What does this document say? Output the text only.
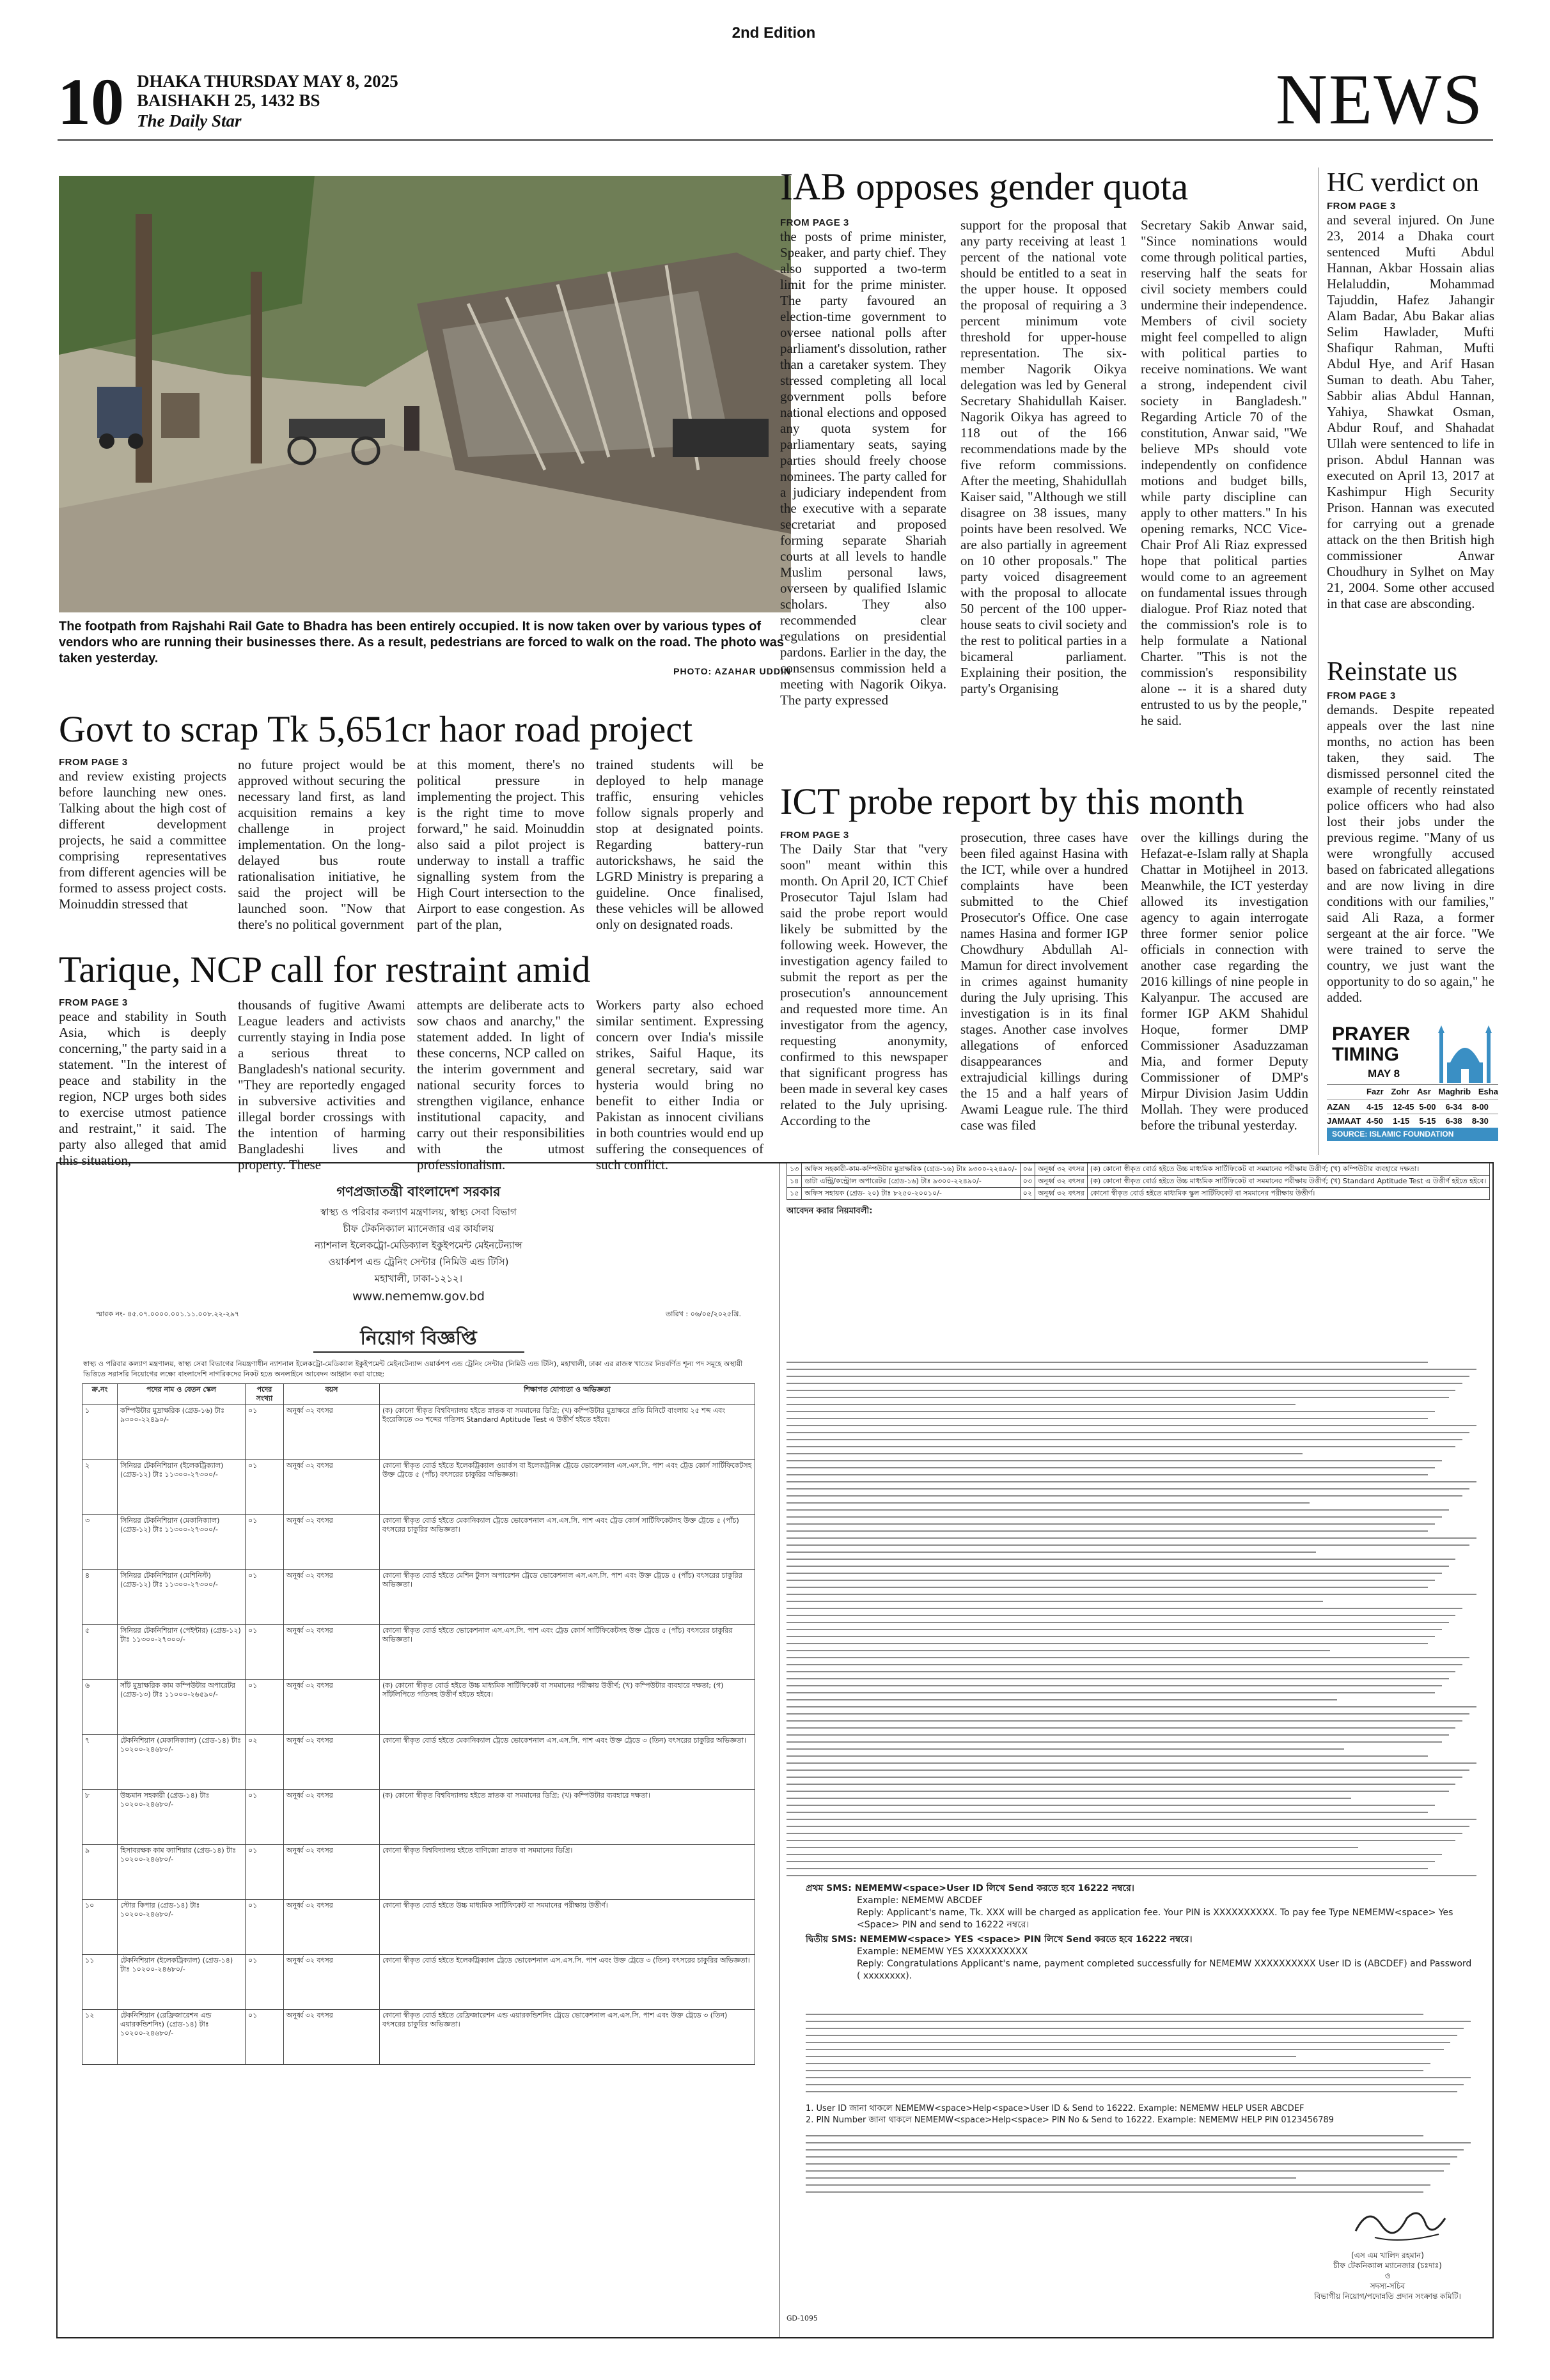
2nd Edition
10 DHAKA THURSDAY MAY 8, 2025
BAISHAKH 25, 1432 BS
The Daily Star	NEWS
The footpath from Rajshahi Rail Gate to Bhadra has been entirely occupied. It is now taken over by various types of vendors who are running their businesses there. As a result, pedestrians are forced to walk on the road. The photo was taken yesterday.
PHOTO: AZAHAR UDDIN
IAB opposes gender quota
FROM PAGE 3

the posts of prime minister, Speaker, and party chief. They also supported a two-term limit for the prime minister. The party favoured an election-time government to oversee national polls after parliament's dissolution, rather than a caretaker system. They stressed completing all local government polls before national elections and opposed any quota system for parliamentary seats, saying parties should freely choose nominees. The party called for a judiciary independent from the executive with a separate secretariat and proposed forming separate Shariah courts at all levels to handle Muslim personal laws, overseen by qualified Islamic scholars. They also recommended clear regulations on presidential pardons. Earlier in the day, the consensus commission held a meeting with Nagorik Oikya. The party expressed

support for the proposal that any party receiving at least 1 percent of the national vote should be entitled to a seat in the upper house. It opposed the proposal of requiring a 3 percent minimum vote threshold for upper-house representation. The six-member Nagorik Oikya delegation was led by General Secretary Shahidullah Kaiser. Nagorik Oikya has agreed to 118 out of the 166 recommendations made by the five reform commissions. After the meeting, Shahidullah Kaiser said, "Although we still disagree on 38 issues, many points have been resolved. We are also partially in agreement on 10 other proposals." The party voiced disagreement with the proposal to allocate 50 percent of the 100 upper-house seats to civil society and the rest to political parties in a bicameral parliament. Explaining their position, the party's Organising

Secretary Sakib Anwar said, "Since nominations would come through political parties, reserving half the seats for civil society members could undermine their independence. Members of civil society might feel compelled to align with political parties to receive nominations. We want a strong, independent civil society in Bangladesh." Regarding Article 70 of the constitution, Anwar said, "We believe MPs should vote independently on confidence motions and budget bills, while party discipline can apply to other matters." In his opening remarks, NCC Vice-Chair Prof Ali Riaz expressed hope that political parties would come to an agreement on fundamental issues through dialogue. Prof Riaz noted that the commission's role is to help formulate a National Charter. "This is not the commission's responsibility alone -- it is a shared duty entrusted to us by the people," he said.

HC verdict on
FROM PAGE 3

and several injured. On June 23, 2014 a Dhaka court sentenced Mufti Abdul Hannan, Akbar Hossain alias Helaluddin, Mohammad Tajuddin, Hafez Jahangir Alam Badar, Abu Bakar alias Selim Hawlader, Mufti Shafiqur Rahman, Mufti Abdul Hye, and Arif Hasan Suman to death. Abu Taher, Sabbir alias Abdul Hannan, Yahiya, Shawkat Osman, Abdur Rouf, and Shahadat Ullah were sentenced to life in prison. Abdul Hannan was executed on April 13, 2017 at Kashimpur High Security Prison. Hannan was executed for carrying out a grenade attack on the then British high commissioner Anwar Choudhury in Sylhet on May 21, 2004. Some other accused in that case are absconding.

Reinstate us
FROM PAGE 3

demands. Despite repeated appeals over the last nine months, no action has been taken, they said. The dismissed personnel cited the example of recently reinstated police officers who had also lost their jobs under the previous regime. "Many of us were wrongfully accused based on fabricated allegations and are now living in dire conditions with our families," said Ali Raza, a former sergeant at the air force. "We were trained to serve the country, we just want the opportunity to do so again," he added.

PRAYER
TIMING
MAY 8
Fazr Zohr Asr Maghrib Esha
AZAN	4-15	12-45 5-00	6-34	8-00
JAMAAT 4-50	1-15	5-15	6-38	8-30
SOURCE: ISLAMIC FOUNDATION
Govt to scrap Tk 5,651cr haor road project
FROM PAGE 3

and review existing projects before launching new ones. Talking about the high cost of different development projects, he said a committee comprising representatives from different agencies will be formed to assess project costs. Moinuddin stressed that

no future project would be approved without securing the necessary land first, as land acquisition remains a key challenge in project implementation. On the long-delayed bus route rationalisation initiative, he said the project will be launched soon. "Now that there's no political government

at this moment, there's no political pressure in implementing the project. This is the right time to move forward," he said. Moinuddin also said a pilot project is underway to install a traffic signalling system from the High Court intersection to the Airport to ease congestion. As part of the plan,

trained students will be deployed to help manage traffic, ensuring vehicles follow signals properly and stop at designated points. Regarding battery-run autorickshaws, he said the LGRD Ministry is preparing a guideline. Once finalised, these vehicles will be allowed only on designated roads.

ICT probe report by this month
FROM PAGE 3

The Daily Star that "very soon" meant within this month. On April 20, ICT Chief Prosecutor Tajul Islam had said the probe report would likely be submitted by the following week. However, the investigation agency failed to submit the report as per the prosecution's announcement and requested more time. An investigator from the agency, requesting anonymity, confirmed to this newspaper that significant progress has been made in several key cases related to the July uprising. According to the

prosecution, three cases have been filed against Hasina with the ICT, while over a hundred complaints have been submitted to the Chief Prosecutor's Office. One case names Hasina and former IGP Chowdhury Abdullah Al-Mamun for direct involvement in crimes against humanity during the July uprising. This investigation is in its final stages. Another case involves allegations of enforced disappearances and extrajudicial killings during the 15 and a half years of Awami League rule. The third case was filed

over the killings during the Hefazat-e-Islam rally at Shapla Chattar in Motijheel in 2013. Meanwhile, the ICT yesterday allowed its investigation agency to again interrogate three former senior police officials in connection with another case regarding the 2016 killings of nine people in Kalyanpur. The accused are former IGP AKM Shahidul Hoque, former DMP Commissioner Asaduzzaman Mia, and former Deputy Commissioner of DMP's Mirpur Division Jasim Uddin Mollah. They were produced before the tribunal yesterday.

Tarique, NCP call for restraint amid
FROM PAGE 3

peace and stability in South Asia, which is deeply concerning," the party said in a statement. "In the interest of peace and stability in the region, NCP urges both sides to exercise utmost patience and restraint," it said. The party also alleged that amid this situation,

thousands of fugitive Awami League leaders and activists currently staying in India pose a serious threat to Bangladesh's national security. "They are reportedly engaged in subversive activities and illegal border crossings with the intention of harming Bangladeshi lives and property. These

attempts are deliberate acts to sow chaos and anarchy," the statement added. In light of these concerns, NCP called on the interim government and national security forces to strengthen vigilance, enhance institutional capacity, and carry out their responsibilities with the utmost professionalism.

Workers party also echoed similar sentiment. Expressing concern over India's missile strikes, Saiful Haque, its general secretary, said war hysteria would bring no benefit to either India or Pakistan as innocent civilians in both countries would end up suffering the consequences of such conflict.

গণপ্রজাতন্ত্রী বাংলাদেশ সরকার
স্বাস্থ্য ও পরিবার কল্যাণ মন্ত্রণালয়, স্বাস্থ্য সেবা বিভাগ
চীফ টেকনিক্যাল ম্যানেজার এর কার্যালয়
ন্যাশনাল ইলেকট্রো-মেডিক্যাল ইকুইপমেন্ট মেইনটেন্যান্স
ওয়ার্কশপ এন্ড ট্রেনিং সেন্টার (নিমিউ এন্ড টিসি)
মহাখালী, ঢাকা-১২১২।
www.nememw.gov.bd
স্মারক নং- ৪৫.০৭.০০০০.০০১.১১.০০৮.২২-২৯৭	তারিখ : ০৬/০৫/২০২৫খ্রি.
নিয়োগ বিজ্ঞপ্তি
স্বাস্থ্য ও পরিবার কল্যাণ মন্ত্রণালয়, স্বাস্থ্য সেবা বিভাগের নিয়ন্ত্রণাধীন ন্যাশনাল ইলেকট্রো-মেডিক্যাল ইকুইপমেন্ট মেইনটেন্যান্স ওয়ার্কশপ এন্ড ট্রেনিং সেন্টার (নিমিউ এন্ড টিসি), মহাখালী, ঢাকা এর রাজস্ব খাতের নিম্নবর্ণিত শূন্য পদ সমূহে অস্থায়ী ভিত্তিতে সরাসরি নিয়োগের লক্ষ্যে বাংলাদেশি নাগরিকদের নিকট হতে অনলাইনে আবেদন আহ্বান করা যাচ্ছে:
ক্র.নং	পদের নাম ও বেতন স্কেল	পদের সংখ্যা	বয়স	শিক্ষাগত যোগ্যতা ও অভিজ্ঞতা
১	কম্পিউটার মুদ্রাক্ষরিক (গ্রেড-১৬) টাঃ ৯৩০০-২২৪৯০/-	০১	অনূর্ধ্ব ৩২ বৎসর	(ক) কোনো স্বীকৃত বিশ্ববিদ্যালয় হইতে স্নাতক বা সমমানের ডিগ্রি; (খ) কম্পিউটার মুদ্রাক্ষরে প্রতি মিনিটে বাংলায় ২৫ শব্দ এবং ইংরেজিতে ৩০ শব্দের গতিসহ Standard Aptitude Test এ উত্তীর্ণ হইতে হইবে।
২	সিনিয়র টেকনিশিয়ান (ইলেকট্রিক্যাল) (গ্রেড-১২) টাঃ ১১৩০০-২৭৩০০/-	০১	অনূর্ধ্ব ৩২ বৎসর	কোনো স্বীকৃত বোর্ড হইতে ইলেকট্রিক্যাল ওয়ার্কস বা ইলেকট্রনিক্স ট্রেডে ভোকেশনাল এস.এস.সি. পাশ এবং ট্রেড কোর্স সার্টিফিকেটসহ উক্ত ট্রেডে ৫ (পাঁচ) বৎসরের চাকুরির অভিজ্ঞতা।
৩	সিনিয়র টেকনিশিয়ান (মেকানিক্যাল) (গ্রেড-১২) টাঃ ১১৩০০-২৭৩০০/-	০১	অনূর্ধ্ব ৩২ বৎসর	কোনো স্বীকৃত বোর্ড হইতে মেকানিক্যাল ট্রেডে ভোকেশনাল এস.এস.সি. পাশ এবং ট্রেড কোর্স সার্টিফিকেটসহ উক্ত ট্রেডে ৫ (পাঁচ) বৎসরের চাকুরির অভিজ্ঞতা।
৪	সিনিয়র টেকনিশিয়ান (মেশিনিস্ট) (গ্রেড-১২) টাঃ ১১৩০০-২৭৩০০/-	০১	অনূর্ধ্ব ৩২ বৎসর	কোনো স্বীকৃত বোর্ড হইতে মেশিন টুলস অপারেশন ট্রেডে ভোকেশনাল এস.এস.সি. পাশ এবং উক্ত ট্রেডে ৫ (পাঁচ) বৎসরের চাকুরির অভিজ্ঞতা।
৫	সিনিয়র টেকনিশিয়ান (পেইন্টার) (গ্রেড-১২) টাঃ ১১৩০০-২৭৩০০/-	০১	অনূর্ধ্ব ৩২ বৎসর	কোনো স্বীকৃত বোর্ড হইতে ভোকেশনাল এস.এস.সি. পাশ এবং ট্রেড কোর্স সার্টিফিকেটসহ উক্ত ট্রেডে ৫ (পাঁচ) বৎসরের চাকুরির অভিজ্ঞতা।
৬	সাঁট মুদ্রাক্ষরিক কাম কম্পিউটার অপারেটর (গ্রেড-১৩) টাঃ ১১০০০-২৬৫৯০/-	০১	অনূর্ধ্ব ৩২ বৎসর	(ক) কোনো স্বীকৃত বোর্ড হইতে উচ্চ মাধ্যমিক সার্টিফিকেট বা সমমানের পরীক্ষায় উত্তীর্ণ; (খ) কম্পিউটার ব্যবহারে দক্ষতা; (গ) সাঁটলিপিতে গতিসহ উত্তীর্ণ হইতে হইবে।
৭	টেকনিশিয়ান (মেকানিক্যাল) (গ্রেড-১৪) টাঃ ১০২০০-২৪৬৮০/-	০২	অনূর্ধ্ব ৩২ বৎসর	কোনো স্বীকৃত বোর্ড হইতে মেকানিক্যাল ট্রেডে ভোকেশনাল এস.এস.সি. পাশ এবং উক্ত ট্রেডে ৩ (তিন) বৎসরের চাকুরির অভিজ্ঞতা।
৮	উচ্চমান সহকারী (গ্রেড-১৪) টাঃ ১০২০০-২৪৬৮০/-	০১	অনূর্ধ্ব ৩২ বৎসর	(ক) কোনো স্বীকৃত বিশ্ববিদ্যালয় হইতে স্নাতক বা সমমানের ডিগ্রি; (খ) কম্পিউটার ব্যবহারে দক্ষতা।
৯	হিসাবরক্ষক কাম ক্যাশিয়ার (গ্রেড-১৪) টাঃ ১০২০০-২৪৬৮০/-	০১	অনূর্ধ্ব ৩২ বৎসর	কোনো স্বীকৃত বিশ্ববিদ্যালয় হইতে বাণিজ্যে স্নাতক বা সমমানের ডিগ্রি।
১০	স্টোর কিপার (গ্রেড-১৪) টাঃ ১০২০০-২৪৬৮০/-	০১	অনূর্ধ্ব ৩২ বৎসর	কোনো স্বীকৃত বোর্ড হইতে উচ্চ মাধ্যমিক সার্টিফিকেট বা সমমানের পরীক্ষায় উত্তীর্ণ।
১১	টেকনিশিয়ান (ইলেকট্রিক্যাল) (গ্রেড-১৪) টাঃ ১০২০০-২৪৬৮০/-	০১	অনূর্ধ্ব ৩২ বৎসর	কোনো স্বীকৃত বোর্ড হইতে ইলেকট্রিক্যাল ট্রেডে ভোকেশনাল এস.এস.সি. পাশ এবং উক্ত ট্রেডে ৩ (তিন) বৎসরের চাকুরির অভিজ্ঞতা।
১২	টেকনিশিয়ান (রেফ্রিজারেশন এন্ড এয়ারকন্ডিশনিং) (গ্রেড-১৪) টাঃ ১০২০০-২৪৬৮০/-	০১	অনূর্ধ্ব ৩২ বৎসর	কোনো স্বীকৃত বোর্ড হইতে রেফ্রিজারেশন এন্ড এয়ারকন্ডিশনিং ট্রেডে ভোকেশনাল এস.এস.সি. পাশ এবং উক্ত ট্রেডে ৩ (তিন) বৎসরের চাকুরির অভিজ্ঞতা।
১৩	অফিস সহকারী-কাম-কম্পিউটার মুদ্রাক্ষরিক (গ্রেড-১৬) টাঃ ৯৩০০-২২৪৯০/-	০৬	অনূর্ধ্ব ৩২ বৎসর	(ক) কোনো স্বীকৃত বোর্ড হইতে উচ্চ মাধ্যমিক সার্টিফিকেট বা সমমানের পরীক্ষায় উত্তীর্ণ; (খ) কম্পিউটার ব্যবহারে দক্ষতা।
১৪	ডাটা এন্ট্রি/কন্ট্রোল অপারেটর (গ্রেড-১৬) টাঃ ৯৩০০-২২৪৯০/-	০৩	অনূর্ধ্ব ৩২ বৎসর	(ক) কোনো স্বীকৃত বোর্ড হইতে উচ্চ মাধ্যমিক সার্টিফিকেট বা সমমানের পরীক্ষায় উত্তীর্ণ; (খ) Standard Aptitude Test এ উত্তীর্ণ হইতে হইবে।
১৫	অফিস সহায়ক (গ্রেড- ২০) টাঃ ৮২৫০-২০০১০/-	০২	অনূর্ধ্ব ৩২ বৎসর	কোনো স্বীকৃত বোর্ড হইতে মাধ্যমিক স্কুল সার্টিফিকেট বা সমমানের পরীক্ষায় উত্তীর্ণ।
আবেদন করার নিয়মাবলী:
প্রথম SMS: NEMEMW<space>User ID লিখে Send করতে হবে 16222 নম্বরে।
Example: NEMEMW ABCDEF
Reply: Applicant's name, Tk. XXX will be charged as application fee. Your PIN is XXXXXXXXXX. To pay fee Type NEMEMW<space> Yes <Space> PIN and send to 16222 নম্বরে।
দ্বিতীয় SMS: NEMEMW<space> YES <space> PIN লিখে Send করতে হবে 16222 নম্বরে।
Example: NEMEMW YES XXXXXXXXXX
Reply: Congratulations Applicant's name, payment completed successfully for NEMEMW XXXXXXXXXX User ID is (ABCDEF) and Password ( xxxxxxxx).
1. User ID জানা থাকলে NEMEMW<space>Help<space>User ID & Send to 16222. Example: NEMEMW HELP USER ABCDEF
2. PIN Number জানা থাকলে NEMEMW<space>Help<space> PIN No & Send to 16222. Example: NEMEMW HELP PIN 0123456789
(এস এম খালিদ রহমান)
চীফ টেকনিক্যাল ম্যানেজার (চঃদাঃ)
ও
সদস্য-সচিব
বিভাগীয় নিয়োগ/পদোন্নতি প্রদান সংক্রান্ত কমিটি।
GD-1095
